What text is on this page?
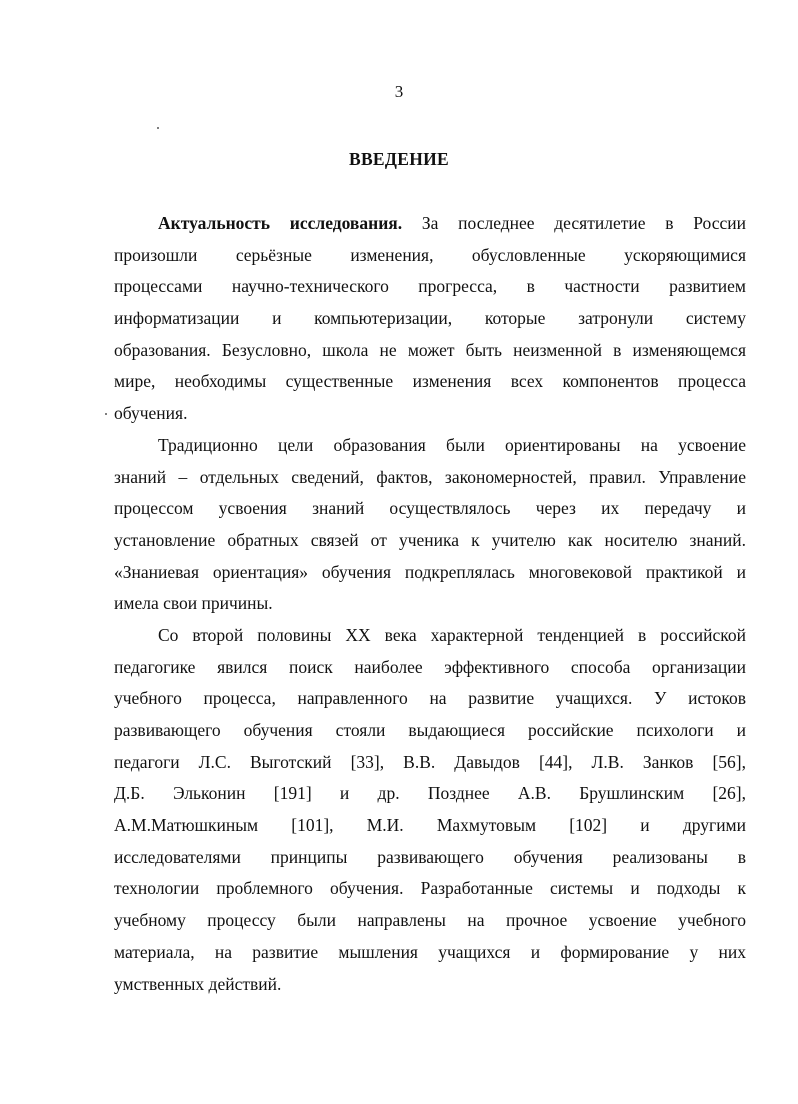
3
ВВЕДЕНИЕ
Актуальность исследования. За последнее десятилетие в России
произошли серьёзные изменения, обусловленные ускоряющимися
процессами научно-технического прогресса, в частности развитием
информатизации и компьютеризации, которые затронули систему
образования. Безусловно, школа не может быть неизменной в изменяющемся
мире, необходимы существенные изменения всех компонентов процесса
обучения.
Традиционно цели образования были ориентированы на усвоение
знаний – отдельных сведений, фактов, закономерностей, правил. Управление
процессом усвоения знаний осуществлялось через их передачу и
установление обратных связей от ученика к учителю как носителю знаний.
«Знаниевая ориентация» обучения подкреплялась многовековой практикой и
имела свои причины.
Со второй половины XX века характерной тенденцией в российской
педагогике явился поиск наиболее эффективного способа организации
учебного процесса, направленного на развитие учащихся. У истоков
развивающего обучения стояли выдающиеся российские психологи и
педагоги Л.С. Выготский [33], В.В. Давыдов [44], Л.В. Занков [56],
Д.Б. Эльконин [191] и др. Позднее А.В. Брушлинским [26],
А.М.Матюшкиным [101], М.И. Махмутовым [102] и другими
исследователями принципы развивающего обучения реализованы в
технологии проблемного обучения. Разработанные системы и подходы к
учебному процессу были направлены на прочное усвоение учебного
материала, на развитие мышления учащихся и формирование у них
умственных действий.
